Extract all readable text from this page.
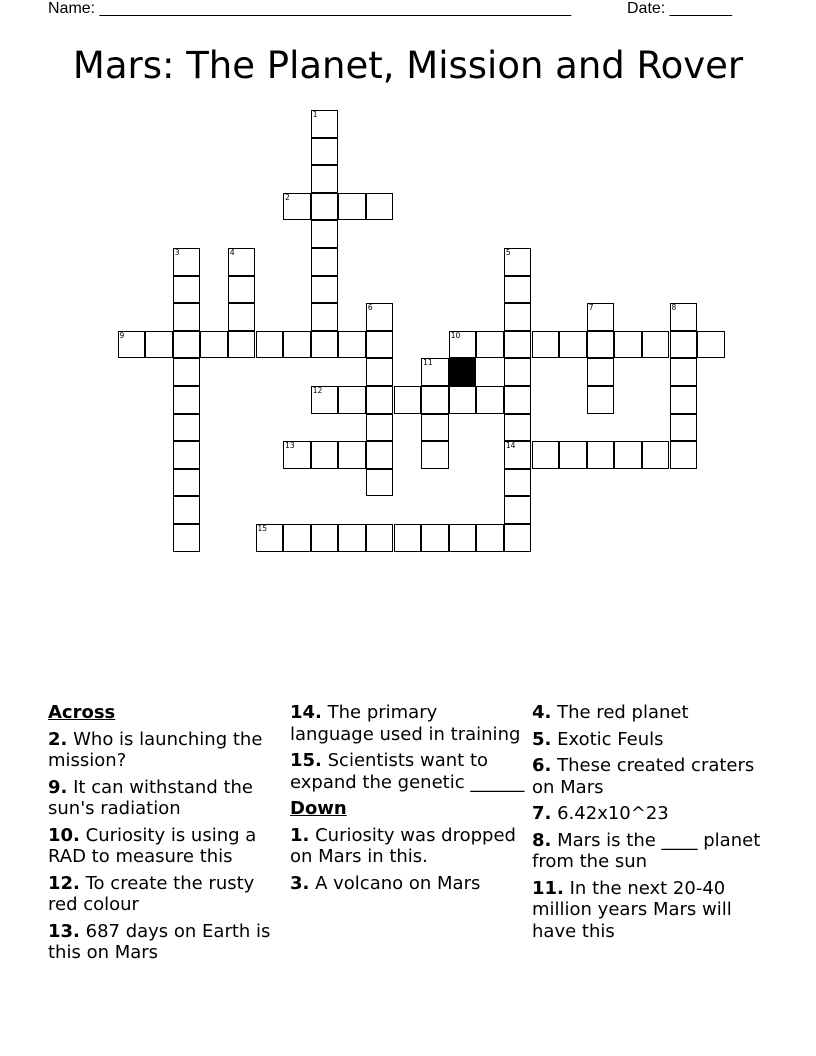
Name: _____________________________________________________	Date: _______
Mars: The Planet, Mission and Rover
1
2
3	4	5
14
6	7	8
9	10
11
12
13
15
Across
2. Who is launching the mission?
9. It can withstand the sun's radiation
10. Curiosity is using a RAD to measure this
12. To create the rusty red colour
13. 687 days on Earth is this on Mars
14. The primary language used in training
15. Scientists want to expand the genetic ______
Down
1. Curiosity was dropped on Mars in this.
3. A volcano on Mars
4. The red planet
5. Exotic Feuls
6. These created craters on Mars
7. 6.42x10^23
8. Mars is the ____ planet from the sun
11. In the next 20-40 million years Mars will have this
